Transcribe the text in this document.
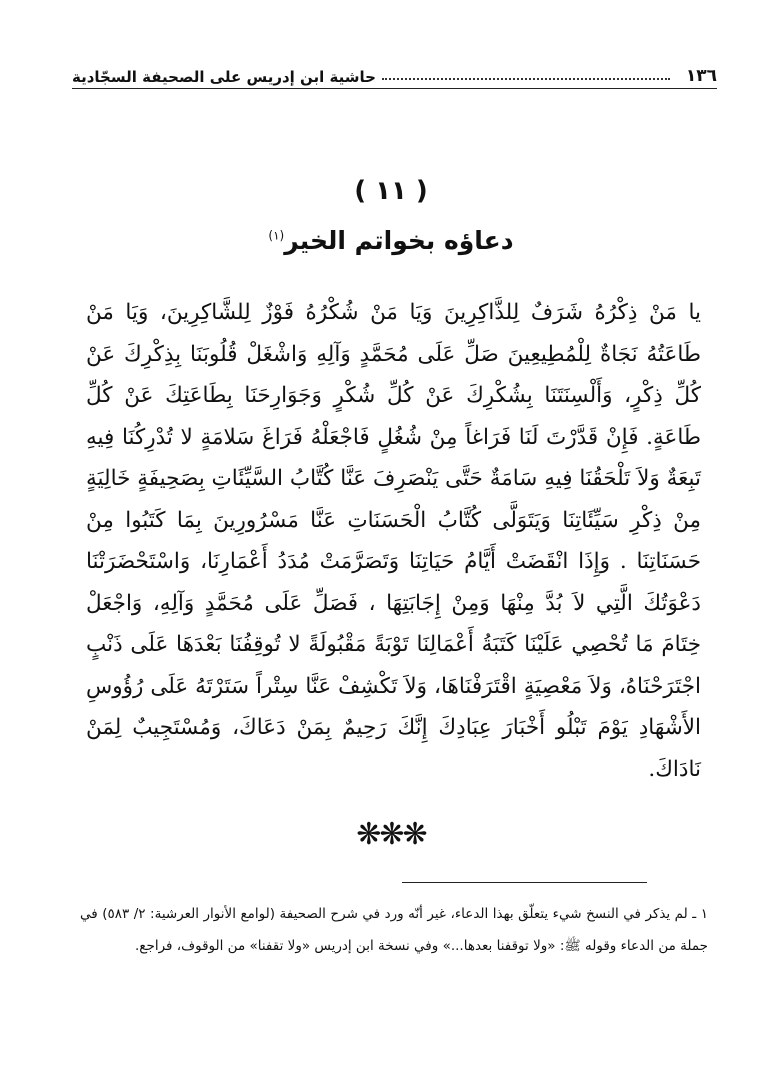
١٣٦
حاشية ابن إدريس على الصحيفة السجّادية
( ١١ )
دعاؤه بخواتم الخير$^{(١)}$
يا مَنْ ذِكْرُهُ شَرَفٌ لِلذَّاكِرِينَ وَيَا مَنْ شُكْرُهُ فَوْزٌ لِلشَّاكِرِينَ، وَيَا مَنْ طَاعَتُهُ نَجَاةٌ لِلْمُطِيعِينَ صَلِّ عَلَى مُحَمَّدٍ وَآلِهِ وَاشْغَلْ قُلُوبَنَا بِذِكْرِكَ عَنْ كُلِّ ذِكْرٍ، وَأَلْسِنَتَنَا بِشُكْرِكَ عَنْ كُلِّ شُكْرٍ وَجَوَارِحَنَا بِطَاعَتِكَ عَنْ كُلِّ طَاعَةٍ. فَإِنْ قَدَّرْتَ لَنَا فَرَاغاً مِنْ شُغُلٍ فَاجْعَلْهُ فَرَاغَ سَلامَةٍ لا تُدْرِكُنَا فِيهِ تَبِعَةٌ وَلاَ تَلْحَقُنَا فِيهِ سَامَةٌ حَتَّى يَنْصَرِفَ عَنَّا كُتَّابُ السَّيِّئَاتِ بِصَحِيفَةٍ خَالِيَةٍ مِنْ ذِكْرِ سَيِّئَاتِنَا وَيَتَوَلَّى كُتَّابُ الْحَسَنَاتِ عَنَّا مَسْرُورِينَ بِمَا كَتَبُوا مِنْ حَسَنَاتِنَا . وَإِذَا انْقَضَتْ أَيَّامُ حَيَاتِنَا وَتَصَرَّمَتْ مُدَدُ أَعْمَارِنَا، وَاسْتَحْضَرَتْنَا دَعْوَتُكَ الَّتِي لاَ بُدَّ مِنْهَا وَمِنْ إِجَابَتِهَا ، فَصَلِّ عَلَى مُحَمَّدٍ وَآلِهِ، وَاجْعَلْ خِتَامَ مَا تُحْصِي عَلَيْنَا كَتَبَةُ أَعْمَالِنَا تَوْبَةً مَقْبُولَةً لا تُوقِفُنَا بَعْدَهَا عَلَى ذَنْبٍ اجْتَرَحْنَاهُ، وَلاَ مَعْصِيَةٍ اقْتَرَفْنَاهَا، وَلاَ تَكْشِفْ عَنَّا سِتْراً سَتَرْتَهُ عَلَى رُؤُوسِ الأَشْهَادِ يَوْمَ تَبْلُو أَخْبَارَ عِبَادِكَ إِنَّكَ رَحِيمٌ بِمَنْ دَعَاكَ، وَمُسْتَجِيبٌ لِمَنْ نَادَاكَ.
❋❋❋
١ ـ لم يذكر في النسخ شيء يتعلّق بهذا الدعاء، غير أنّه ورد في شرح الصحيفة (لوامع الأنوار العرشية: ٢/ ٥٨٣) في جملة من الدعاء وقوله ﷺ: «ولا توقفنا بعدها...» وفي نسخة ابن إدريس «ولا تقفنا» من الوقوف، فراجع.
